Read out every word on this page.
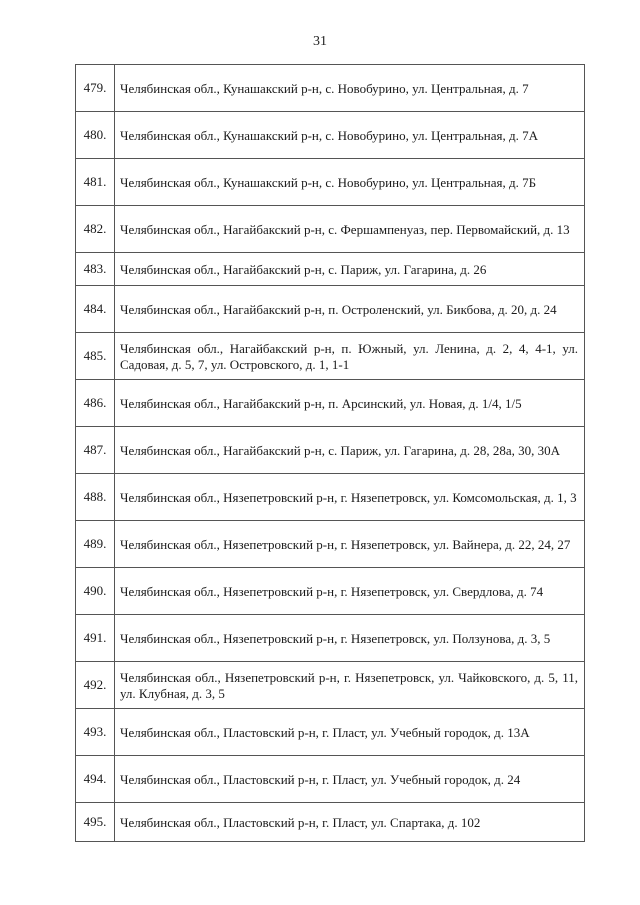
31
479.	Челябинская обл., Кунашакский р-н, с. Новобурино, ул. Центральная, д. 7
480.	Челябинская обл., Кунашакский р-н, с. Новобурино, ул. Центральная, д. 7А
481.	Челябинская обл., Кунашакский р-н, с. Новобурино, ул. Центральная, д. 7Б
482.	Челябинская обл., Нагайбакский р-н, с. Фершампенуаз, пер. Первомайский, д. 13
483.	Челябинская обл., Нагайбакский р-н, с. Париж, ул. Гагарина, д. 26
484.	Челябинская обл., Нагайбакский р-н, п. Остроленский, ул. Бикбова, д. 20, д. 24
485.	Челябинская обл., Нагайбакский р-н, п. Южный, ул. Ленина, д. 2, 4, 4-1, ул. Садовая, д. 5, 7, ул. Островского, д. 1, 1-1
486.	Челябинская обл., Нагайбакский р-н, п. Арсинский, ул. Новая, д. 1/4, 1/5
487.	Челябинская обл., Нагайбакский р-н, с. Париж, ул. Гагарина, д. 28, 28а, 30, 30А
488.	Челябинская обл., Нязепетровский р-н, г. Нязепетровск, ул. Комсомольская, д. 1, 3
489.	Челябинская обл., Нязепетровский р-н, г. Нязепетровск, ул. Вайнера, д. 22, 24, 27
490.	Челябинская обл., Нязепетровский р-н, г. Нязепетровск, ул. Свердлова, д. 74
491.	Челябинская обл., Нязепетровский р-н, г. Нязепетровск, ул. Ползунова, д. 3, 5
492.	Челябинская обл., Нязепетровский р-н, г. Нязепетровск, ул. Чайковского, д. 5, 11, ул. Клубная, д. 3, 5
493.	Челябинская обл., Пластовский р-н, г. Пласт, ул. Учебный городок, д. 13А
494.	Челябинская обл., Пластовский р-н, г. Пласт, ул. Учебный городок, д. 24
495.	Челябинская обл., Пластовский р-н, г. Пласт, ул. Спартака, д. 102
